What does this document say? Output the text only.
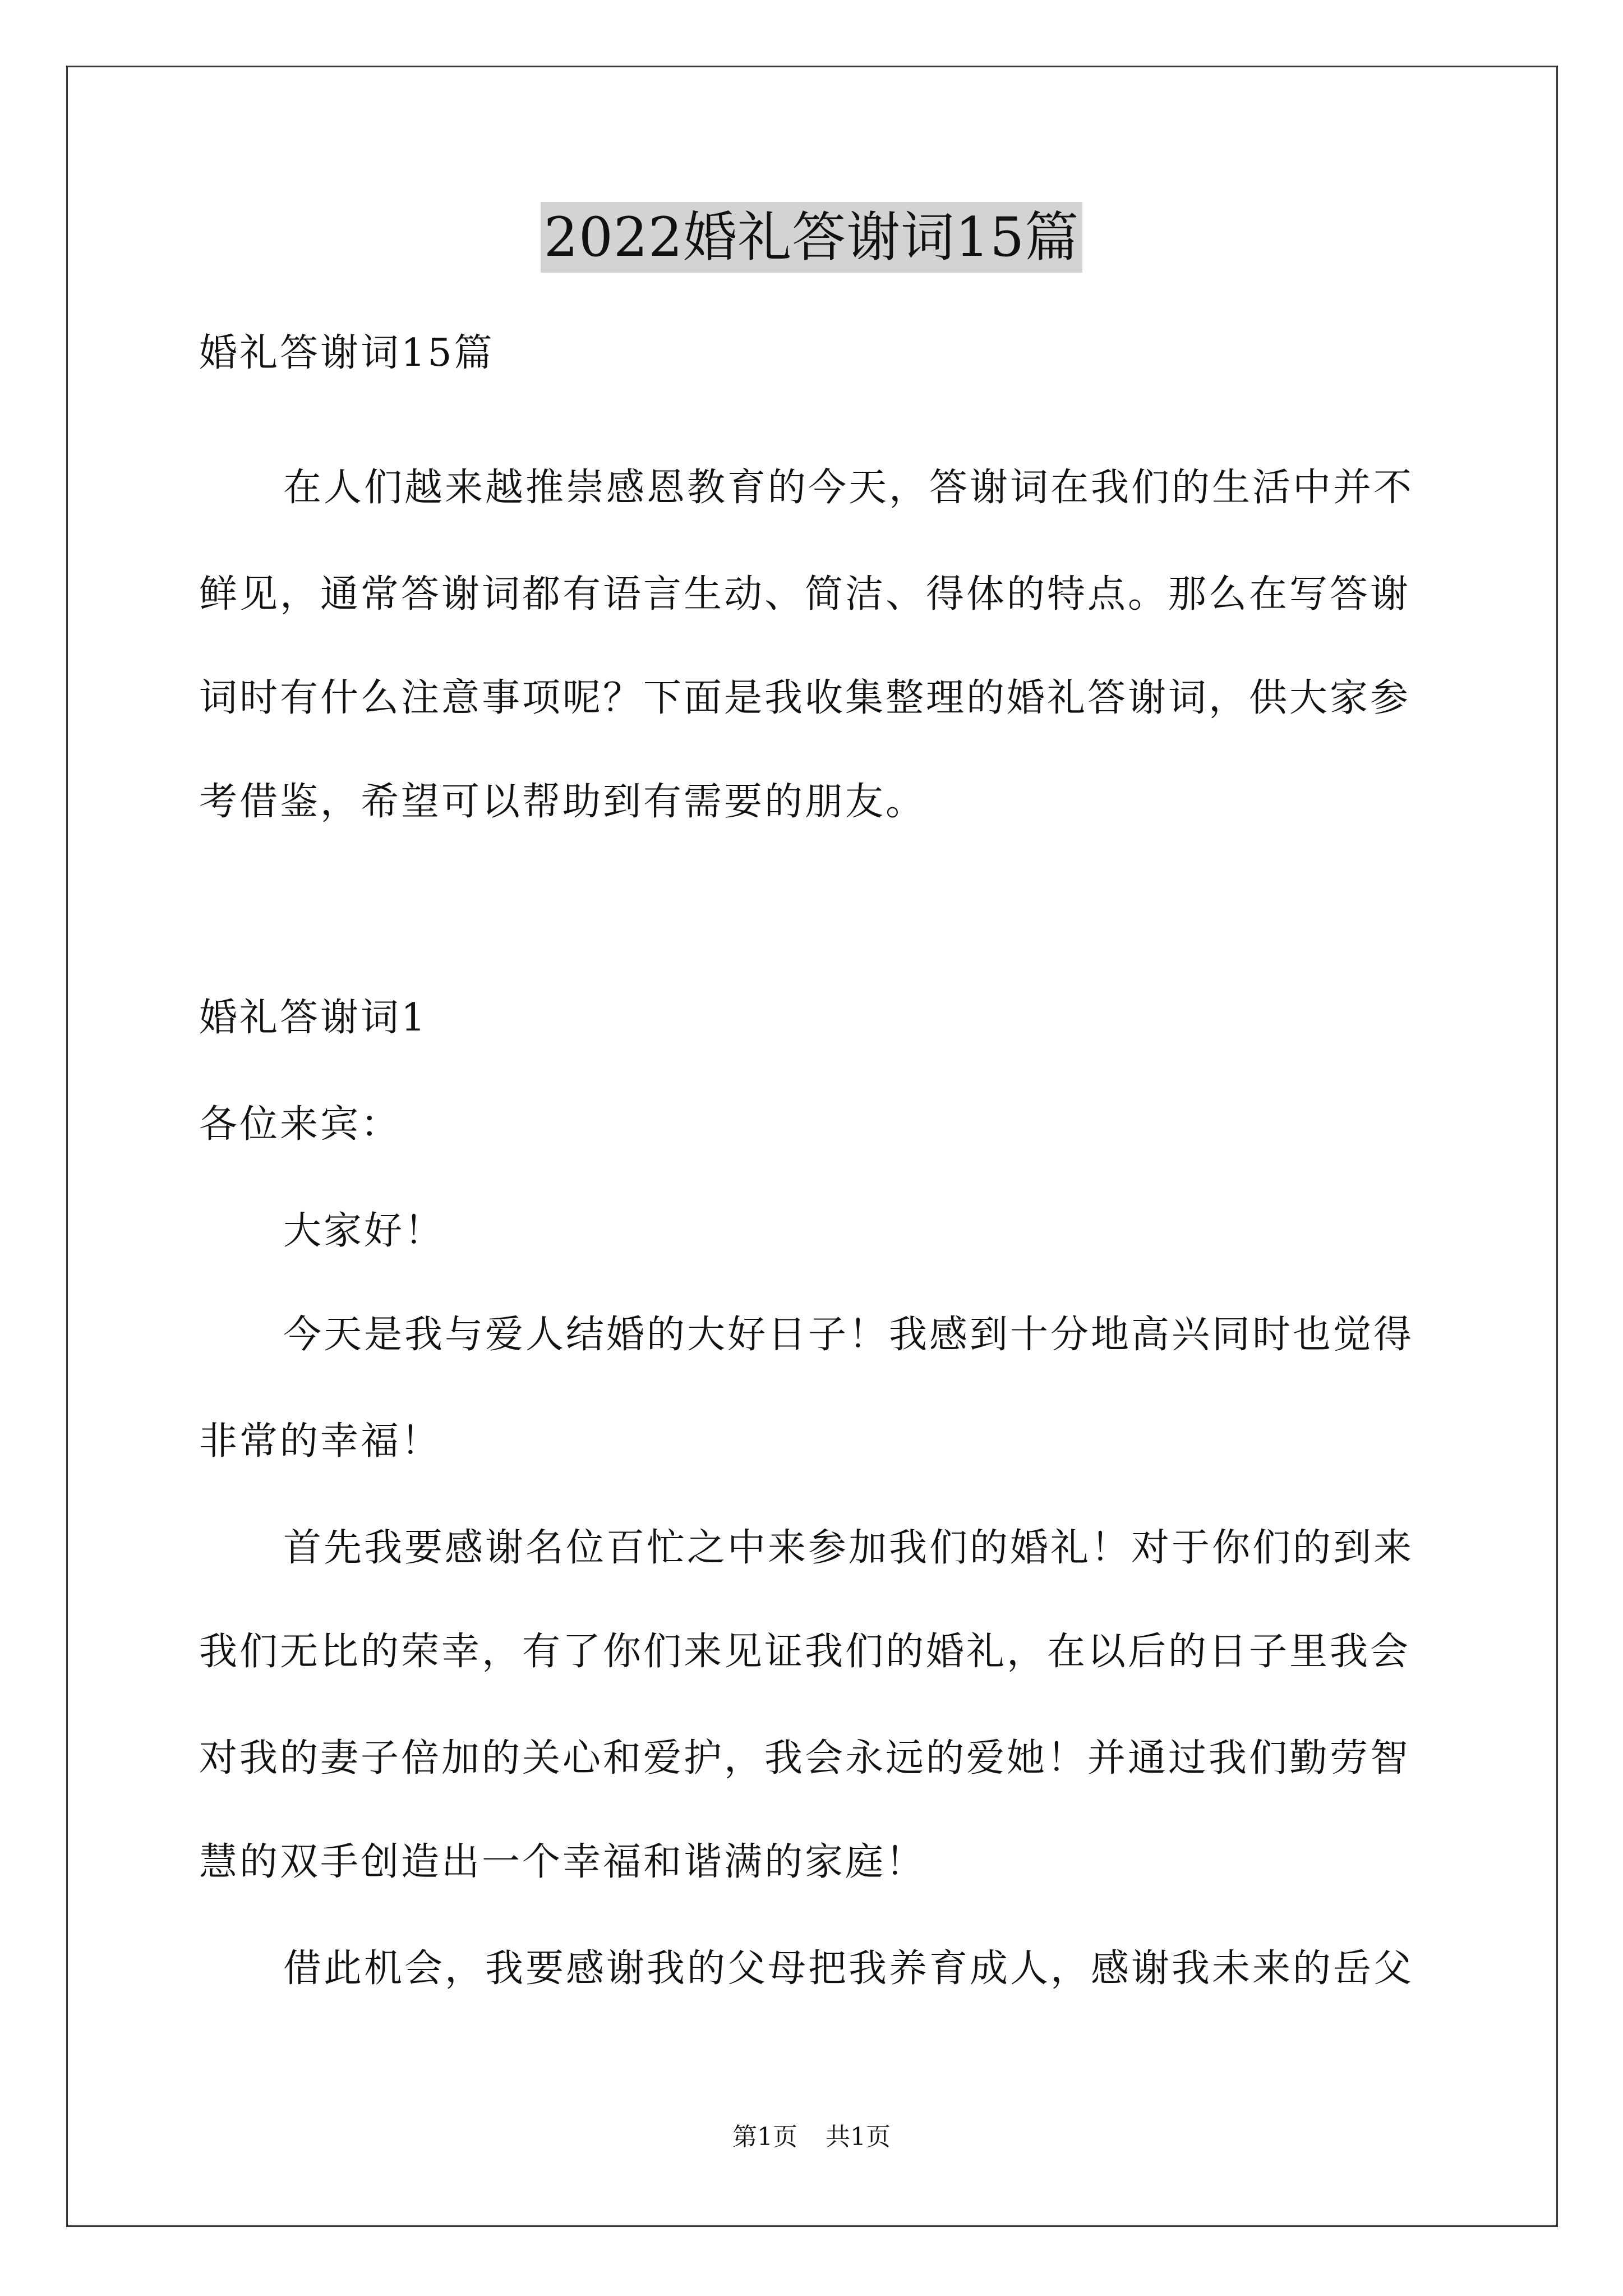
2022婚礼答谢词15篇
婚礼答谢词15篇
在人们越来越推崇感恩教育的今天，答谢词在我们的生活中并不
鲜见，通常答谢词都有语言生动、简洁、得体的特点。那么在写答谢
词时有什么注意事项呢？下面是我收集整理的婚礼答谢词，供大家参
考借鉴，希望可以帮助到有需要的朋友。
婚礼答谢词1
各位来宾：
大家好！
今天是我与爱人结婚的大好日子！我感到十分地高兴同时也觉得
非常的幸福！
首先我要感谢名位百忙之中来参加我们的婚礼！对于你们的到来
我们无比的荣幸，有了你们来见证我们的婚礼，在以后的日子里我会
对我的妻子倍加的关心和爱护，我会永远的爱她！并通过我们勤劳智
慧的双手创造出一个幸福和谐满的家庭！
借此机会，我要感谢我的父母把我养育成人，感谢我未来的岳父
第1页 共1页
